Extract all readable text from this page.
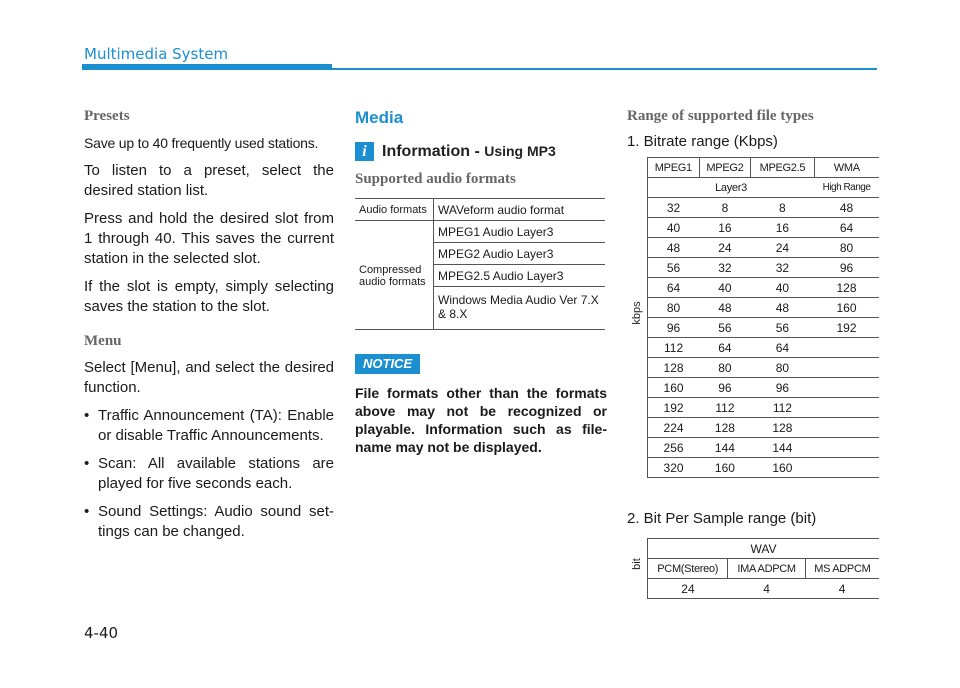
Multimedia System
Presets

Save up to 40 frequently used stations.

To listen to a preset, select the desired station list.

Press and hold the desired slot from 1 through 40. This saves the current station in the selected slot.

If the slot is empty, simply selecting saves the station to the slot.

Menu

Select [Menu], and select the desired function.

• Traffic Announcement (TA): Enable or disable Traffic Announcements.
• Scan: All available stations are played for five seconds each.
• Sound Settings: Audio sound set-tings can be changed.
Media
i Information - Using MP3
Supported audio formats
Audio formats	WAVeform audio format
Compressed audio formats	MPEG1 Audio Layer3
	MPEG2 Audio Layer3
	MPEG2.5 Audio Layer3
	Windows Media Audio Ver 7.X & 8.X
NOTICE
File formats other than the formats above may not be recognized or playable. Information such as file-name may not be displayed.
Range of supported file types
1. Bitrate range (Kbps)
kbps
MPEG1	MPEG2	MPEG2.5	WMA
Layer3			High Range
32	8	8	48
40	16	16	64
48	24	24	80
56	32	32	96
64	40	40	128
80	48	48	160
96	56	56	192
112	64	64	
128	80	80	
160	96	96	
192	112	112	
224	128	128	
256	144	144	
320	160	160	
2. Bit Per Sample range (bit)
bit
WAV		
PCM(Stereo)	IMA ADPCM	MS ADPCM
24	4	4
4-40
